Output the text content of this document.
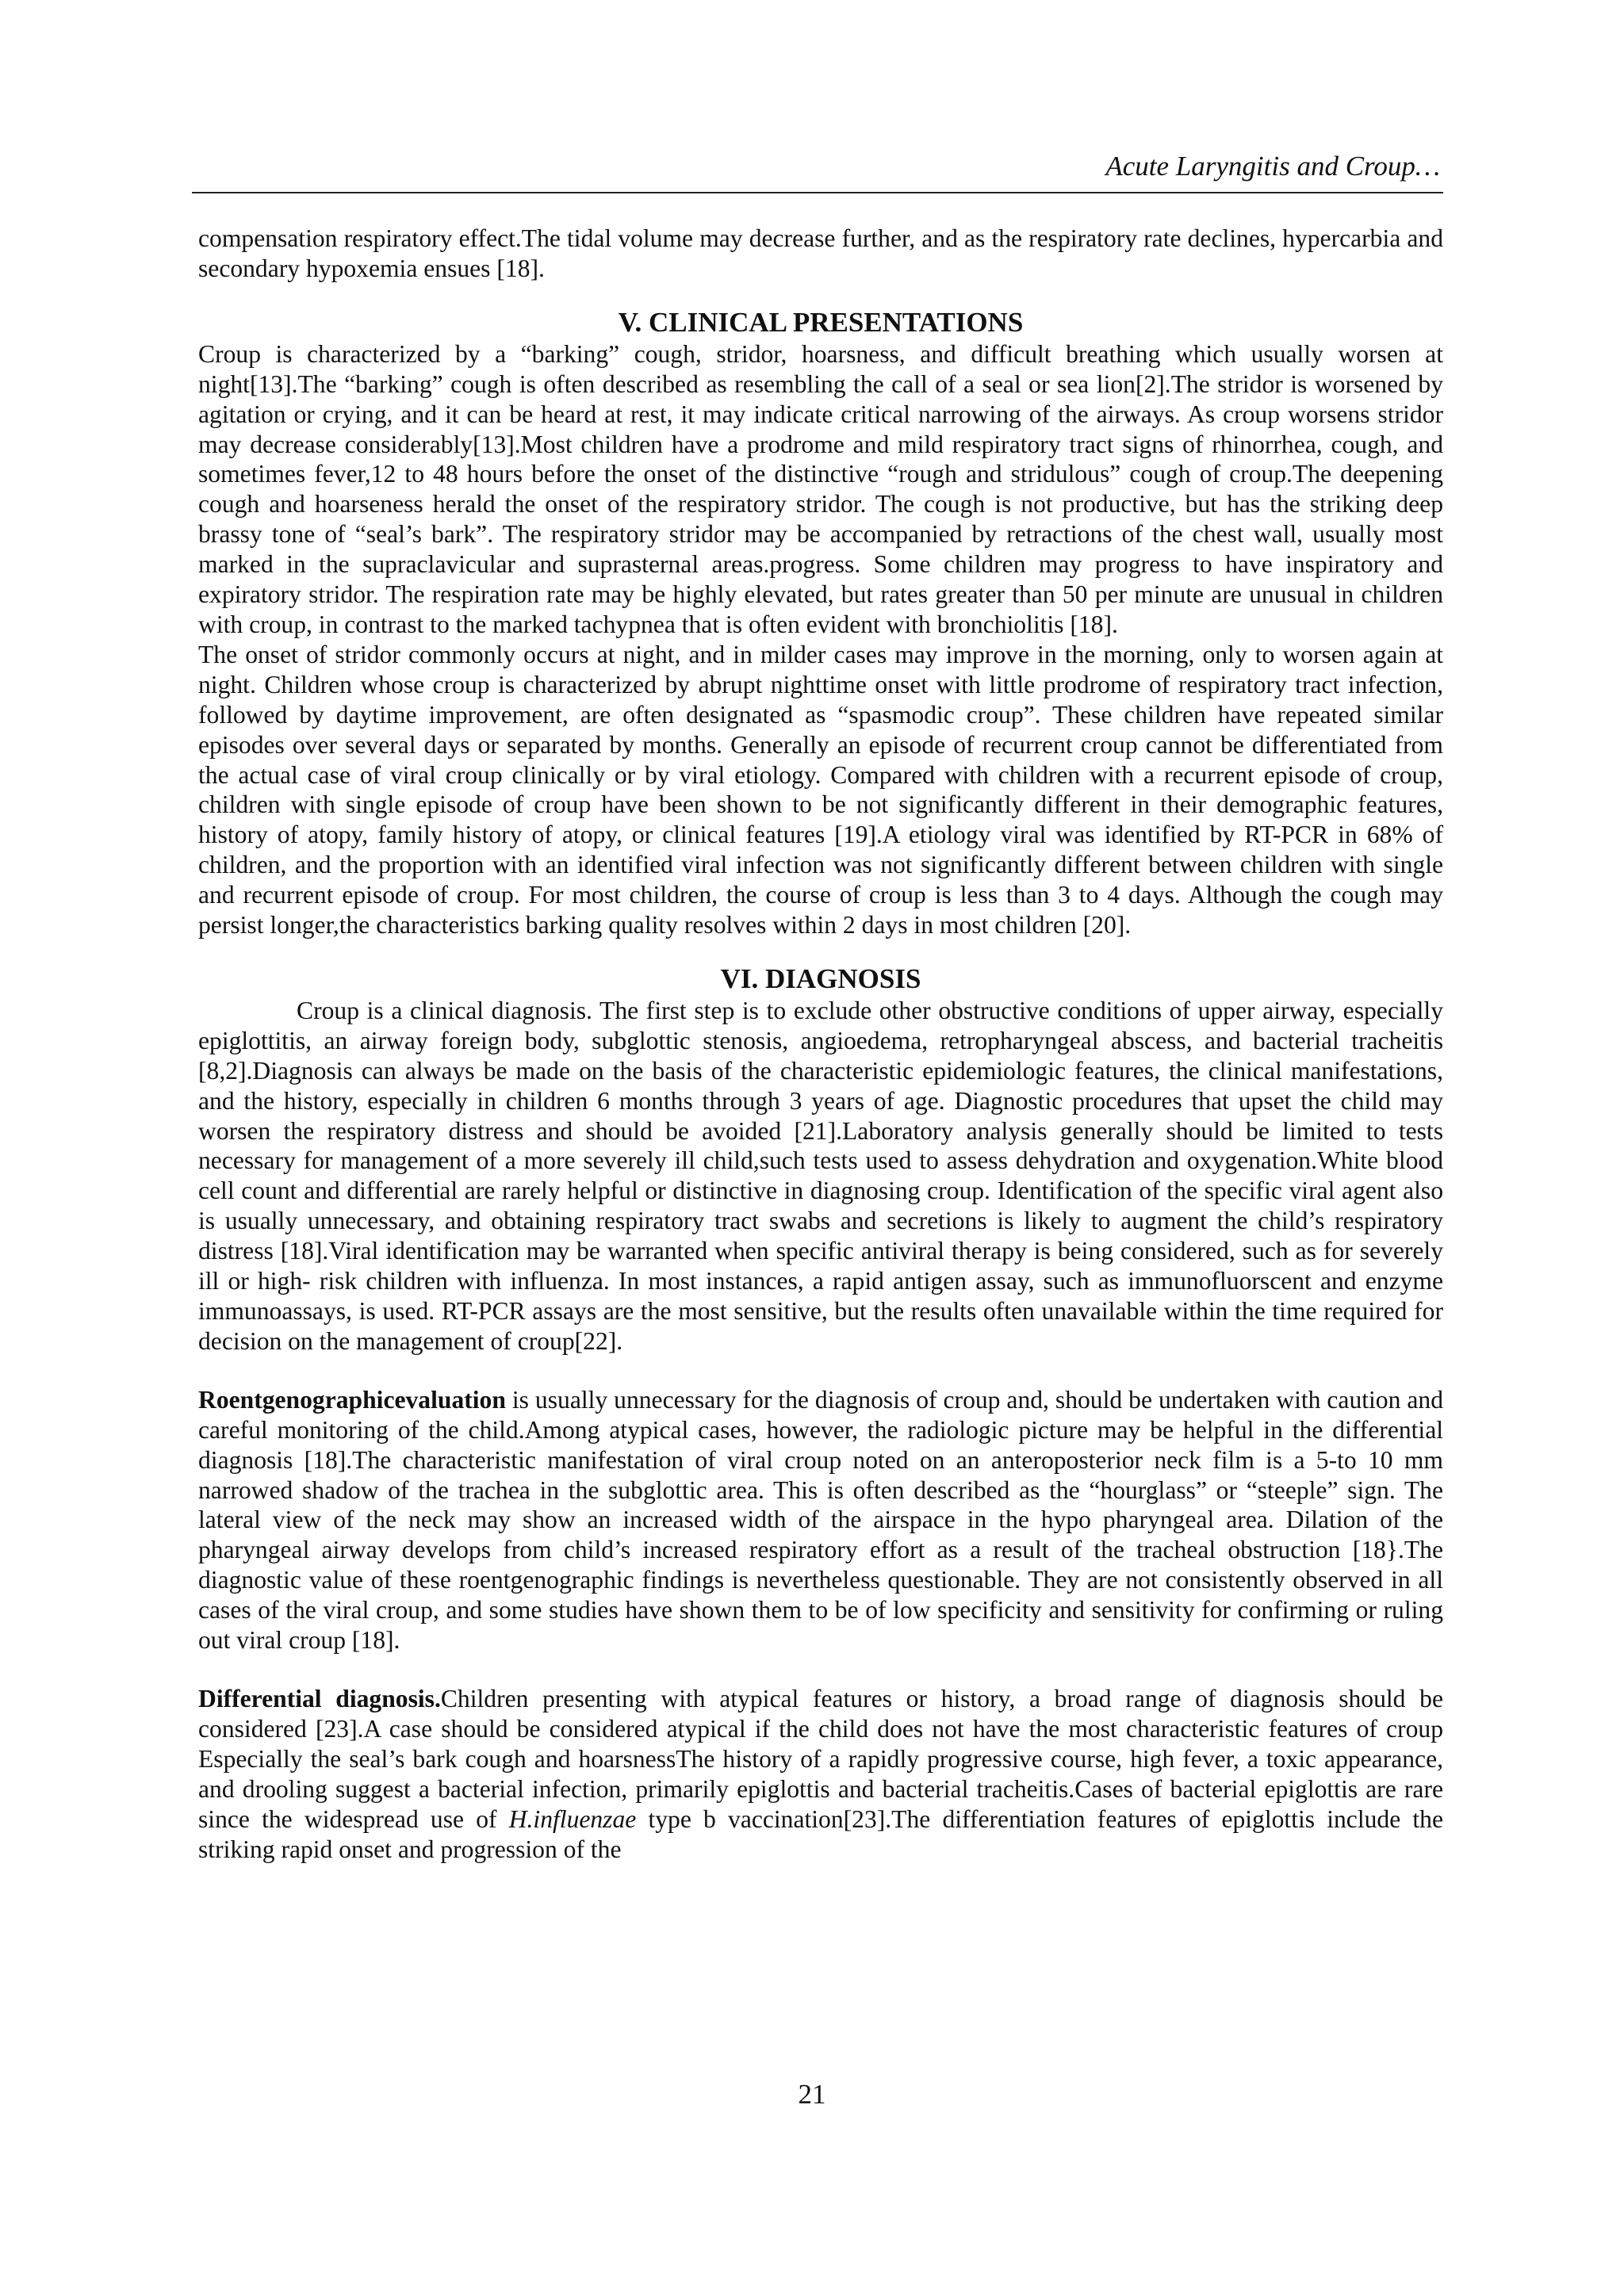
Acute Laryngitis and Croup…

compensation respiratory effect.The tidal volume may decrease further, and as the respiratory rate declines, hypercarbia and secondary hypoxemia ensues [18].

V. CLINICAL PRESENTATIONS

Croup is characterized by a “barking” cough, stridor, hoarsness, and difficult breathing which usually worsen at night[13].The “barking” cough is often described as resembling the call of a seal or sea lion[2].The stridor is worsened by agitation or crying, and it can be heard at rest, it may indicate critical narrowing of the airways. As croup worsens stridor may decrease considerably[13].Most children have a prodrome and mild respiratory tract signs of rhinorrhea, cough, and sometimes fever,12 to 48 hours before the onset of the distinctive “rough and stridulous” cough of croup.The deepening cough and hoarseness herald the onset of the respiratory stridor. The cough is not productive, but has the striking deep brassy tone of “seal’s bark”. The respiratory stridor may be accompanied by retractions of the chest wall, usually most marked in the supraclavicular and suprasternal areas.progress. Some children may progress to have inspiratory and expiratory stridor. The respiration rate may be highly elevated, but rates greater than 50 per minute are unusual in children with croup, in contrast to the marked tachypnea that is often evident with bronchiolitis [18].

The onset of stridor commonly occurs at night, and in milder cases may improve in the morning, only to worsen again at night. Children whose croup is characterized by abrupt nighttime onset with little prodrome of respiratory tract infection, followed by daytime improvement, are often designated as “spasmodic croup”. These children have repeated similar episodes over several days or separated by months. Generally an episode of recurrent croup cannot be differentiated from the actual case of viral croup clinically or by viral etiology. Compared with children with a recurrent episode of croup, children with single episode of croup have been shown to be not significantly different in their demographic features, history of atopy, family history of atopy, or clinical features [19].A etiology viral was identified by RT-PCR in 68% of children, and the proportion with an identified viral infection was not significantly different between children with single and recurrent episode of croup. For most children, the course of croup is less than 3 to 4 days. Although the cough may persist longer,the characteristics barking quality resolves within 2 days in most children [20].

VI. DIAGNOSIS

Croup is a clinical diagnosis. The first step is to exclude other obstructive conditions of upper airway, especially epiglottitis, an airway foreign body, subglottic stenosis, angioedema, retropharyngeal abscess, and bacterial tracheitis [8,2].Diagnosis can always be made on the basis of the characteristic epidemiologic features, the clinical manifestations, and the history, especially in children 6 months through 3 years of age. Diagnostic procedures that upset the child may worsen the respiratory distress and should be avoided [21].Laboratory analysis generally should be limited to tests necessary for management of a more severely ill child,such tests used to assess dehydration and oxygenation.White blood cell count and differential are rarely helpful or distinctive in diagnosing croup. Identification of the specific viral agent also is usually unnecessary, and obtaining respiratory tract swabs and secretions is likely to augment the child’s respiratory distress [18].Viral identification may be warranted when specific antiviral therapy is being considered, such as for severely ill or high- risk children with influenza. In most instances, a rapid antigen assay, such as immunofluorscent and enzyme immunoassays, is used. RT-PCR assays are the most sensitive, but the results often unavailable within the time required for decision on the management of croup[22].

Roentgenographicevaluation is usually unnecessary for the diagnosis of croup and, should be undertaken with caution and careful monitoring of the child.Among atypical cases, however, the radiologic picture may be helpful in the differential diagnosis [18].The characteristic manifestation of viral croup noted on an anteroposterior neck film is a 5-to 10 mm narrowed shadow of the trachea in the subglottic area. This is often described as the “hourglass” or “steeple” sign. The lateral view of the neck may show an increased width of the airspace in the hypo pharyngeal area. Dilation of the pharyngeal airway develops from child’s increased respiratory effort as a result of the tracheal obstruction [18}.The diagnostic value of these roentgenographic findings is nevertheless questionable. They are not consistently observed in all cases of the viral croup, and some studies have shown them to be of low specificity and sensitivity for confirming or ruling out viral croup [18].

Differential diagnosis.Children presenting with atypical features or history, a broad range of diagnosis should be considered [23].A case should be considered atypical if the child does not have the most characteristic features of croup Especially the seal’s bark cough and hoarsnessThe history of a rapidly progressive course, high fever, a toxic appearance, and drooling suggest a bacterial infection, primarily epiglottis and bacterial tracheitis.Cases of bacterial epiglottis are rare since the widespread use of H.influenzae type b vaccination[23].The differentiation features of epiglottis include the striking rapid onset and progression of the

21
